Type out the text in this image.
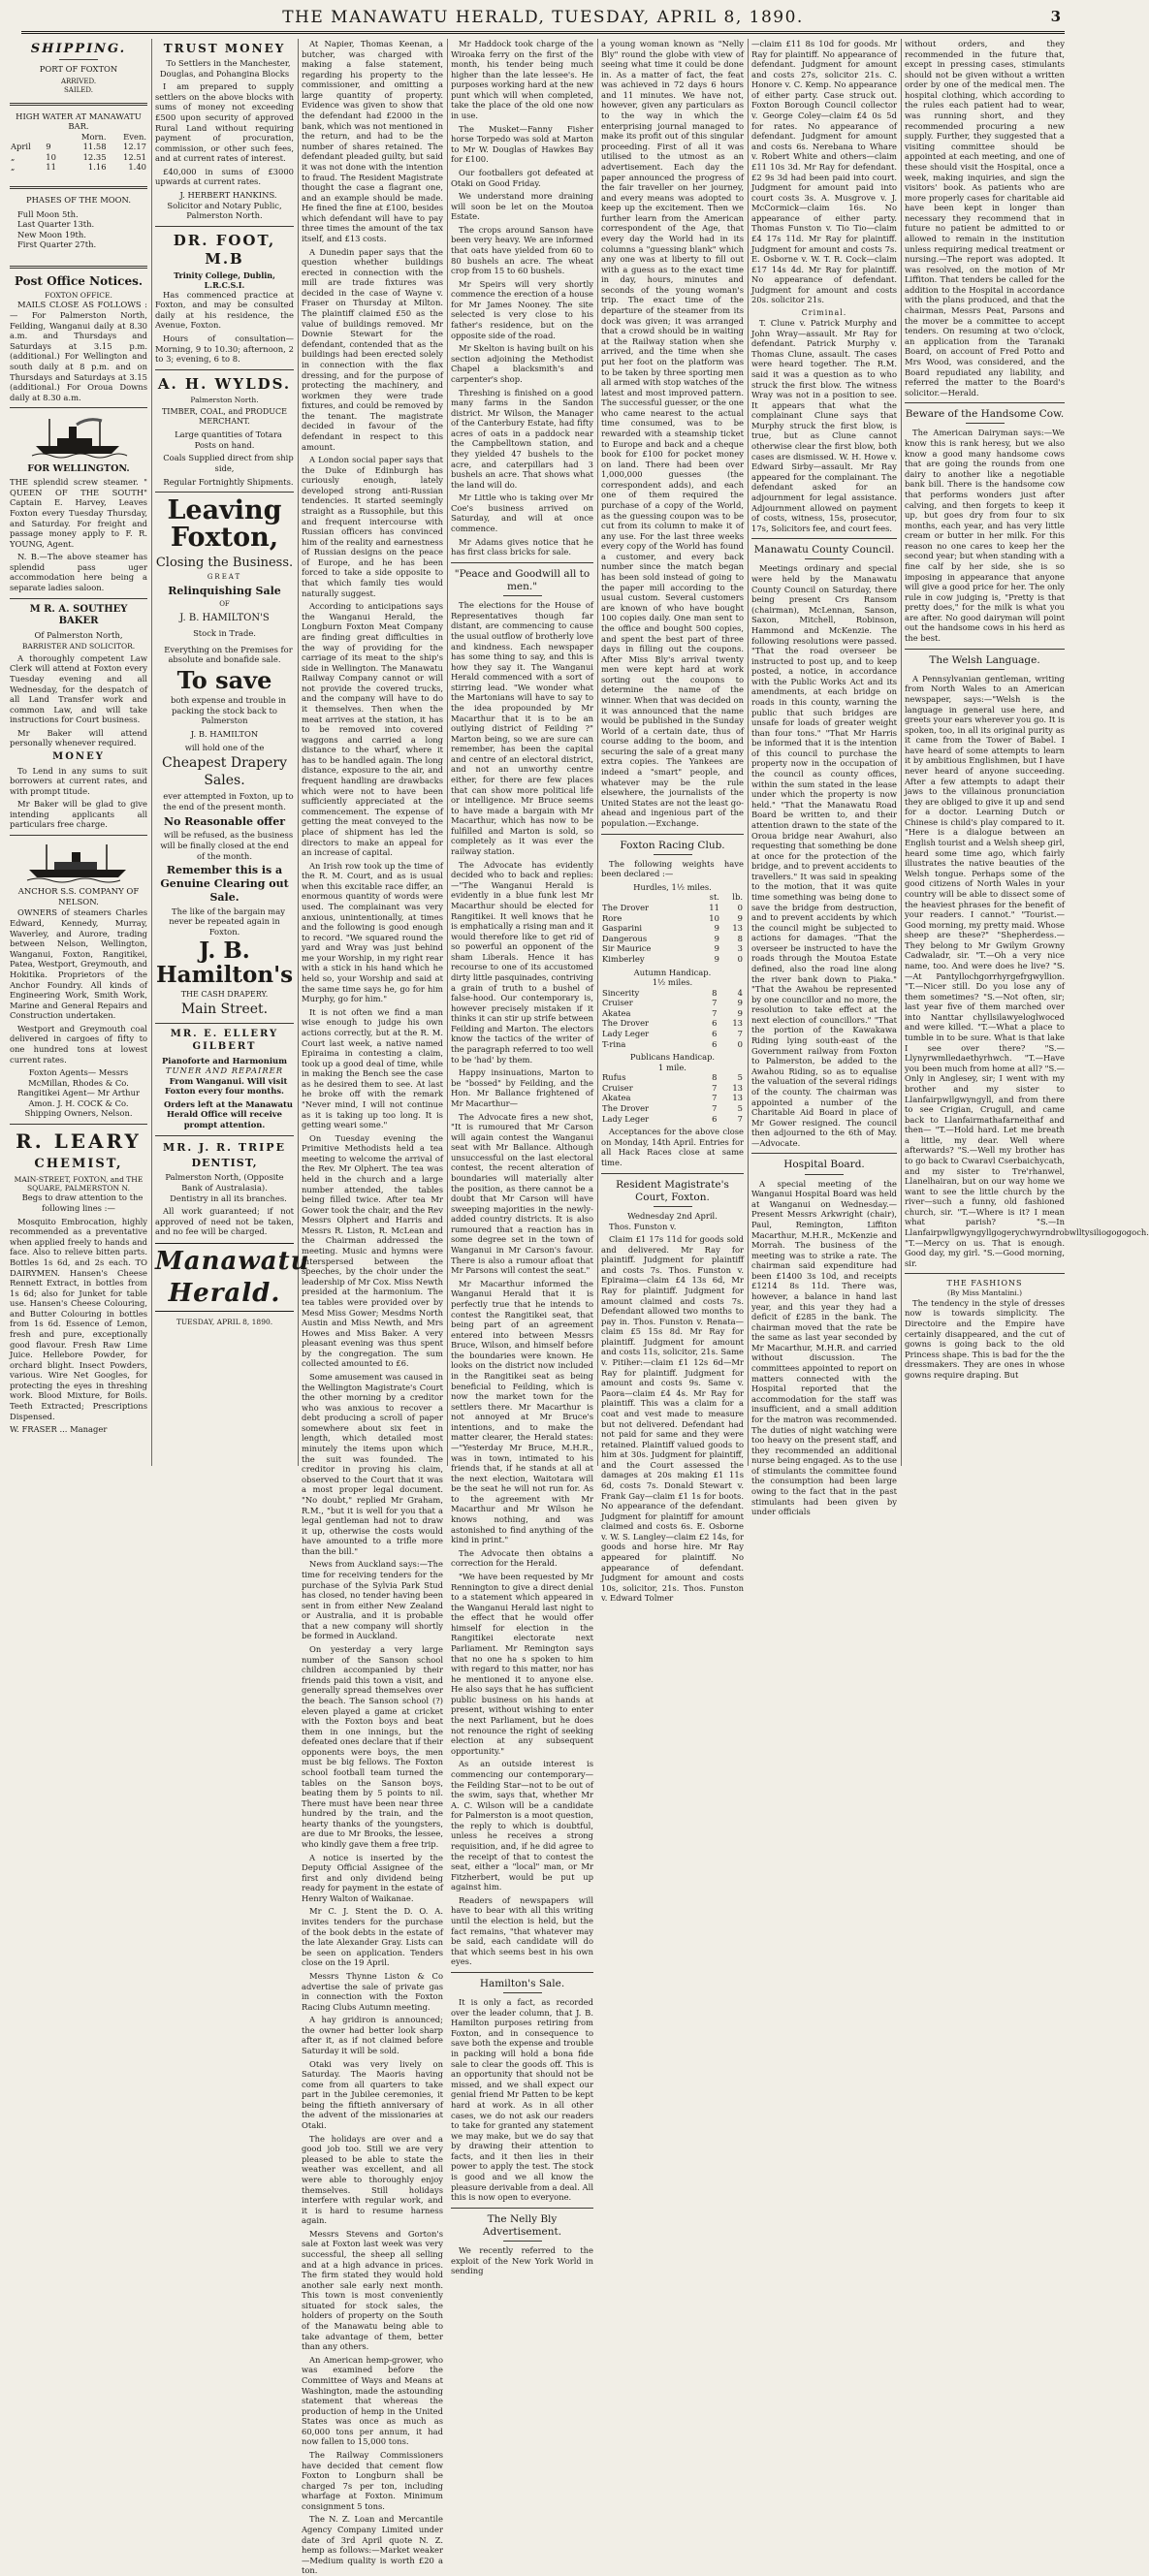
THE MANAWATU HERALD, TUESDAY, APRIL 8, 1890.	3
SHIPPING.
PORT OF FOXTON
ARRIVED.
SAILED.
HIGH WATER AT MANAWATU BAR.
		Morn.	Even.
April	9	11.58	12.17
„	10	12.35	12.51
„	11	1.16	1.40
PHASES OF THE MOON.
Full Moon 5th.
Last Quarter 13th.
New Moon 19th.
First Quarter 27th.
Post Office Notices.
FOXTON OFFICE.

MAILS CLOSE AS FOLLOWS :— For Palmerston North, Feilding, Wanganui daily at 8.30 a.m. and Thursdays and Saturdays at 3.15 p.m. (additional.) For Wellington and south daily at 8 p.m. and on Thursdays and Saturdays at 3.15 (additional.) For Oroua Downs daily at 8.30 a.m.

FOR WELLINGTON.

THE splendid screw steamer. " QUEEN OF THE SOUTH" Captain E. Harvey, Leaves Foxton every Tuesday Thursday, and Saturday. For freight and passage money apply to F. R. YOUNG, Agent.

N. B.—The above steamer has splendid pass uger accommodation here being a separate ladies saloon.

M R. A. SOUTHEY BAKER
Of Palmerston North,
BARRISTER AND SOLICITOR.

A thoroughly competent Law Clerk will attend at Foxton every Tuesday evening and all Wednesday, for the despatch of all Land Transfer work and common Law, and will take instructions for Court business.

Mr Baker will attend personally whenever required.

MONEY

To Lend in any sums to suit borrowers at current rates, and with prompt titude.

Mr Baker will be glad to give intending applicants all particulars free charge.

ANCHOR S.S. COMPANY OF NELSON.

OWNERS of steamers Charles Edward, Kennedy, Murray, Waverley, and Aurore, trading between Nelson, Wellington, Wanganui, Foxton, Rangitikei, Patea, Westport, Greymouth, and Hokitika. Proprietors of the Anchor Foundry. All kinds of Engineering Work, Smith Work, Marine and General Repairs and Construction undertaken.

Westport and Greymouth coal delivered in cargoes of fifty to one hundred tons at lowest current rates.

Foxton Agents— Messrs McMillan, Rhodes & Co. Rangitikei Agent— Mr Arthur Amon. J. H. COCK & Co. Shipping Owners, Nelson.

R. LEARY
CHEMIST,
MAIN-STREET, FOXTON, and THE SQUARE, PALMERSTON N.

Begs to draw attention to the following lines :—

Mosquito Embrocation, highly recommended as a preventative when applied freely to hands and face. Also to relieve bitten parts. Bottles 1s 6d, and 2s each. TO DAIRYMEN. Hansen's Cheese Rennett Extract, in bottles from 1s 6d; also for Junket for table use. Hansen's Cheese Colouring, and Butter Colouring in bottles from 1s 6d. Essence of Lemon, fresh and pure, exceptionally good flavour. Fresh Raw Lime Juice. Hellebore Powder, for orchard blight. Insect Powders, various. Wire Net Googles, for protecting the eyes in threshing work. Blood Mixture, for Boils. Teeth Extracted; Prescriptions Dispensed.

W. FRASER ... Manager

TRUST MONEY

To Settlers in the Manchester, Douglas, and Pohangina Blocks

I am prepared to supply settlers on the above blocks with sums of money not exceeding £500 upon security of approved Rural Land without requiring payment of procuration, commission, or other such fees, and at current rates of interest.

£40,000 in sums of £3000 upwards at current rates.

J. HERBERT HANKINS. Solicitor and Notary Public, Palmerston North.

DR. FOOT, M.B
Trinity College, Dublin, L.R.C.S.I.

Has commenced practice at Foxton, and may be consulted daily at his residence, the Avenue, Foxton.

Hours of consultation—Morning, 9 to 10.30; afternoon, 2 to 3; evening, 6 to 8.

A. H. WYLDS.
Palmerston North.
TIMBER, COAL, and PRODUCE MERCHANT.

Large quantities of Totara Posts on hand.

Coals Supplied direct from ship side,

Regular Fortnightly Shipments.

Leaving Foxton,
Closing the Business.
GREAT
Relinquishing Sale
OF
J. B. HAMILTON'S
Stock in Trade.

Everything on the Premises for absolute and bonafide sale.

To save

both expense and trouble in packing the stock back to Palmerston

J. B. HAMILTON
will hold one of the
Cheapest Drapery Sales.

ever attempted in Foxton, up to the end of the present month.

No Reasonable offer

will be refused, as the business will be finally closed at the end of the month.

Remember this is a Genuine Clearing out Sale.

The like of the bargain may never be repeated again in Foxton.

J. B. Hamilton's
THE CASH DRAPERY.
Main Street.
MR. E. ELLERY GILBERT
Pianoforte and Harmonium
TUNER AND REPAIRER

From Wanganui. Will visit Foxton every four months.

Orders left at the Manawatu Herald Office will receive prompt attention.

MR. J. R. TRIPE
DENTIST,
Palmerston North, (Opposite Bank of Australasia).

Dentistry in all its branches.

All work guaranteed; if not approved of need not be taken, and no fee will be charged.

Manawatu Herald.
TUESDAY, APRIL 8, 1890.

At Napier, Thomas Keenan, a butcher, was charged with making a false statement, regarding his property to the commissioner, and omitting a large quantity of property. Evidence was given to show that the defendant had £2000 in the bank, which was not mentioned in the return, and had to be the number of shares retained. The defendant pleaded guilty, but said it was not done with the intention to fraud. The Resident Magistrate thought the case a flagrant one, and an example should be made. He fined the fine at £100, besides which defendant will have to pay three times the amount of the tax itself, and £13 costs.

A Dunedin paper says that the question whether buildings erected in connection with the mill are trade fixtures was decided in the case of Wayne v. Fraser on Thursday at Milton. The plaintiff claimed £50 as the value of buildings removed. Mr Downie Stewart for the defendant, contended that as the buildings had been erected solely in connection with the flax dressing, and for the purpose of protecting the machinery, and workmen they were trade fixtures, and could be removed by the tenant. The magistrate decided in favour of the defendant in respect to this amount.

A London social paper says that the Duke of Edinburgh has curiously enough, lately developed strong anti-Russian tendencies. It started seemingly straight as a Russophile, but this and frequent intercourse with Russian officers has convinced him of the reality and earnestness of Russian designs on the peace of Europe, and he has been forced to take a side opposite to that which family ties would naturally suggest.

According to anticipations says the Wanganui Herald, the Longburn Foxton Meat Company are finding great difficulties in the way of providing for the carriage of its meat to the ship's side in Wellington. The Manawatu Railway Company cannot or will not provide the covered trucks, and the company will have to do it themselves. Then when the meat arrives at the station, it has to be removed into covered waggons and carried a long distance to the wharf, where it has to be handled again. The long distance, exposure to the air, and frequent handling are drawbacks which were not to have been sufficiently appreciated at the commencement. The expense of getting the meat conveyed to the place of shipment has led the directors to make an appeal for an increase of capital.

An Irish row took up the time of the R. M. Court, and as is usual when this excitable race differ, an enormous quantity of words were used. The complainant was very anxious, unintentionally, at times and the following is good enough to record. "We squared round the yard and Wray was just behind me your Worship, in my right rear with a stick in his hand which he held so, your Worship and said at the same time says he, go for him Murphy, go for him."

It is not often we find a man wise enough to judge his own actions correctly, but at the R. M. Court last week, a native named Epiraima in contesting a claim, took up a good deal of time, while in making the Bench see the case as he desired them to see. At last he broke off with the remark "Never mind, I will not continue as it is taking up too long. It is getting weari some."

On Tuesday evening the Primitive Methodists held a tea meeting to welcome the arrival of the Rev. Mr Olphert. The tea was held in the church and a large number attended, the tables being filled twice. After tea Mr Gower took the chair, and the Rev Messrs Olphert and Harris and Messrs R. Liston, R. McLean and the Chairman addressed the meeting. Music and hymns were interspersed between the speeches, by the choir under the leadership of Mr Cox. Miss Newth presided at the harmonium. The tea tables were provided over by Mesd Miss Gower; Mesdms North Austin and Miss Newth, and Mrs Howes and Miss Baker. A very pleasant evening was thus spent by the congregation. The sum collected amounted to £6.

Some amusement was caused in the Wellington Magistrate's Court the other morning by a creditor who was anxious to recover a debt producing a scroll of paper somewhere about six feet in length, which detailed most minutely the items upon which the suit was founded. The creditor in proving his claim, observed to the Court that it was a most proper legal document. "No doubt," replied Mr Graham, R.M., "but it is well for you that a legal gentleman had not to draw it up, otherwise the costs would have amounted to a trifle more than the bill."

News from Auckland says:—The time for receiving tenders for the purchase of the Sylvia Park Stud has closed, no tender having been sent in from either New Zealand or Australia, and it is probable that a new company will shortly be formed in Auckland.

On yesterday a very large number of the Sanson school children accompanied by their friends paid this town a visit, and generally spread themselves over the beach. The Sanson school (?) eleven played a game at cricket with the Foxton boys and beat them in one innings, but the defeated ones declare that if their opponents were boys, the men must be big fellows. The Foxton school football team turned the tables on the Sanson boys, beating them by 5 points to nil. There must have been near three hundred by the train, and the hearty thanks of the youngsters, are due to Mr Brooks, the lessee, who kindly gave them a free trip.

A notice is inserted by the Deputy Official Assignee of the first and only dividend being ready for payment in the estate of Henry Walton of Waikanae.

Mr C. J. Stent the D. O. A. invites tenders for the purchase of the book debts in the estate of the late Alexander Gray. Lists can be seen on application. Tenders close on the 19 April.

Messrs Thynne Liston & Co advertise the sale of private gas in connection with the Foxton Racing Clubs Autumn meeting.

A hay gridiron is announced; the owner had better look sharp after it, as if not claimed before Saturday it will be sold.

Otaki was very lively on Saturday. The Maoris having come from all quarters to take part in the Jubilee ceremonies, it being the fiftieth anniversary of the advent of the missionaries at Otaki.

The holidays are over and a good job too. Still we are very pleased to be able to state the weather was excellent, and all were able to thoroughly enjoy themselves. Still holidays interfere with regular work, and it is hard to resume harness again.

Messrs Stevens and Gorton's sale at Foxton last week was very successful, the sheep all selling and at a high advance in prices. The firm stated they would hold another sale early next month. This town is most conveniently situated for stock sales, the holders of property on the South of the Manawatu being able to take advantage of them, better than any others.

An American hemp-grower, who was examined before the Committee of Ways and Means at Washington, made the astounding statement that whereas the production of hemp in the United States was once as much as 60,000 tons per annum, it had now fallen to 15,000 tons.

The Railway Commissioners have decided that cement flow Foxton to Longburn shall be charged 7s per ton, including wharfage at Foxton. Minimum consignment 5 tons.

The N. Z. Loan and Mercantile Agency Company Limited under date of 3rd April quote N. Z. hemp as follows:—Market weaker—Medium quality is worth £20 a ton.

Mr Haddock took charge of the Wiroaka ferry on the first of the month, his tender being much higher than the late lessee's. He purposes working hard at the new punt which will when completed, take the place of the old one now in use.

The Musket—Fanny Fisher horse Torpedo was sold at Marton to Mr W. Douglas of Hawkes Bay for £100.

Our footballers got defeated at Otaki on Good Friday.

We understand more draining will soon be let on the Moutoa Estate.

The crops around Sanson have been very heavy. We are informed that oats have yielded from 60 to 80 bushels an acre. The wheat crop from 15 to 60 bushels.

Mr Speirs will very shortly commence the erection of a house for Mr James Nooney. The site selected is very close to his father's residence, but on the opposite side of the road.

Mr Skelton is having built on his section adjoining the Methodist Chapel a blacksmith's and carpenter's shop.

Threshing is finished on a good many farms in the Sandon district. Mr Wilson, the Manager of the Canterbury Estate, had fifty acres of oats in a paddock near the Campbelltown station, and they yielded 47 bushels to the acre, and caterpillars had 3 bushels an acre. That shows what the land will do.

Mr Little who is taking over Mr Coe's business arrived on Saturday, and will at once commence.

Mr Adams gives notice that he has first class bricks for sale.

"Peace and Goodwill all to men."

The elections for the House of Representatives though far distant, are commencing to cause the usual outflow of brotherly love and kindness. Each newspaper has some thing to say, and this is how they say it. The Wanganui Herald commenced with a sort of stirring lead. "We wonder what the Martonians will have to say to the idea propounded by Mr Macarthur that it is to be an outlying district of Feilding ?" Marton being, so we are sure can remember, has been the capital and centre of an electoral district, and not an unworthy centre either, for there are few places that can show more political life or intelligence. Mr Bruce seems to have made a bargain with Mr Macarthur, which has now to be fulfilled and Marton is sold, so completely as it was ever the railway station.

The Advocate has evidently decided who to back and replies:—"The Wanganui Herald is evidently in a blue funk lest Mr Macarthur should be elected for Rangitikei. It well knows that he is emphatically a rising man and it would therefore like to get rid of so powerful an opponent of the sham Liberals. Hence it has recourse to one of its accustomed dirty little pasquinades, contriving a grain of truth to a bushel of false-hood. Our contemporary is, however precisely mistaken if it thinks it can stir up strife between Feilding and Marton. The electors know the tactics of the writer of the paragraph referred to too well to be 'had' by them.

Happy insinuations, Marton to be "bossed" by Feilding, and the Hon. Mr Ballance frightened of Mr Macarthur—

The Advocate fires a new shot, "It is rumoured that Mr Carson will again contest the Wanganui seat with Mr Ballance. Although unsuccessful on the last electoral contest, the recent alteration of boundaries will materially alter the position, as there cannot be a doubt that Mr Carson will have sweeping majorities in the newly-added country districts. It is also rumoured that a reaction has in some degree set in the town of Wanganui in Mr Carson's favour. There is also a rumour afloat that Mr Parsons will contest the seat."

Mr Macarthur informed the Wanganui Herald that it is perfectly true that he intends to contest the Rangitikei seat, that being part of an agreement entered into between Messrs Bruce, Wilson, and himself before the boundaries were known. He looks on the district now included in the Rangitikei seat as being beneficial to Feilding, which is now the market town for the settlers there. Mr Macarthur is not annoyed at Mr Bruce's intentions, and to make the matter clearer, the Herald states:—"Yesterday Mr Bruce, M.H.R., was in town, intimated to his friends that, if he stands at all at the next election, Waitotara will be the seat he will not run for. As to the agreement with Mr Macarthur and Mr Wilson he knows nothing, and was astonished to find anything of the kind in print."

The Advocate then obtains a correction for the Herald.

"We have been requested by Mr Rennington to give a direct denial to a statement which appeared in the Wanganui Herald last night to the effect that he would offer himself for election in the Rangitikei electorate next Parliament. Mr Remington says that no one ha s spoken to him with regard to this matter, nor has he mentioned it to anyone else. He also says that he has sufficient public business on his hands at present, without wishing to enter the next Parliament, but he does not renounce the right of seeking election at any subsequent opportunity."

As an outside interest is commencing our contemporary—the Feilding Star—not to be out of the swim, says that, whether Mr A. C. Wilson will be a candidate for Palmerston is a moot question, the reply to which is doubtful, unless he receives a strong requisition, and, if he did agree to the receipt of that to contest the seat, either a "local" man, or Mr Fitzherbert, would be put up against him.

Readers of newspapers will have to bear with all this writing until the election is held, but the fact remains, "that whatever may be said, each candidate will do that which seems best in his own eyes.

Hamilton's Sale.

It is only a fact, as recorded over the leader column, that J. B. Hamilton purposes retiring from Foxton, and in consequence to save both the expense and trouble in packing will hold a bona fide sale to clear the goods off. This is an opportunity that should not be missed, and we shall expect our genial friend Mr Patten to be kept hard at work. As in all other cases, we do not ask our readers to take for granted any statement we may make, but we do say that by drawing their attention to facts, and it then lies in their power to apply the test. The stock is good and we all know the pleasure derivable from a deal. All this is now open to everyone.

The Nelly Bly Advertisement.

We recently referred to the exploit of the New York World in sending

a young woman known as "Nelly Bly" round the globe with view of seeing what time it could be done in. As a matter of fact, the feat was achieved in 72 days 6 hours and 11 minutes. We have not, however, given any particulars as to the way in which the enterprising journal managed to make its profit out of this singular proceeding. First of all it was utilised to the utmost as an advertisement. Each day the paper announced the progress of the fair traveller on her journey, and every means was adopted to keep up the excitement. Then we further learn from the American correspondent of the Age, that every day the World had in its columns a "guessing blank" which any one was at liberty to fill out with a guess as to the exact time in day, hours, minutes and seconds of the young woman's trip. The exact time of the departure of the steamer from its dock was given; it was arranged that a crowd should be in waiting at the Railway station when she arrived, and the time when she put her foot on the platform was to be taken by three sporting men all armed with stop watches of the latest and most improved pattern. The successful guesser, or the one who came nearest to the actual time consumed, was to be rewarded with a steamship ticket to Europe and back and a cheque book for £100 for pocket money on land. There had been over 1,000,000 guesses (the correspondent adds), and each one of them required the purchase of a copy of the World, as the guessing coupon was to be cut from its column to make it of any use. For the last three weeks every copy of the World has found a customer, and every back number since the match began has been sold instead of going to the paper mill according to the usual custom. Several customers are known of who have bought 100 copies daily. One man sent to the office and bought 500 copies, and spent the best part of three days in filling out the coupons. After Miss Bly's arrival twenty men were kept hard at work sorting out the coupons to determine the name of the winner. When that was decided on it was announced that the name would be published in the Sunday World of a certain date, thus of course adding to the boom, and securing the sale of a great many extra copies. The Yankees are indeed a "smart" people, and whatever may be the rule elsewhere, the journalists of the United States are not the least go-ahead and ingenious part of the population.—Exchange.

Foxton Racing Club.

The following weights have been declared :—

Hurdles, 1½ miles.
	st.	lb.
The Drover	11	0
Rore	10	9
Gasparini	9	13
Dangerous	9	8
Sir Maurice	9	3
Kimberley	9	0
Autumn Handicap.
1½ miles.
Sincerity	8	4
Cruiser	7	9
Akatea	7	9
The Drover	6	13
Lady Leger	6	7
T-rina	6	0
Publicans Handicap.
1 mile.
Rufus	8	5
Cruiser	7	13
Akatea	7	13
The Drover	7	5
Lady Leger	6	7

Acceptances for the above close on Monday, 14th April. Entries for all Hack Races close at same time.

Resident Magistrate's Court, Foxton.
Wednesday 2nd April.

Thos. Funston v.

Claim £1 17s 11d for goods sold and delivered. Mr Ray for plaintiff. Judgment for plaintiff and costs 7s. Thos. Funston v. Epiraima—claim £4 13s 6d, Mr Ray for plaintiff. Judgment for amount claimed and costs 7s. Defendant allowed two months to pay in. Thos. Funston v. Renata—claim £5 15s 8d. Mr Ray for plaintiff. Judgment for amount and costs 11s, solicitor, 21s. Same v. Pitiher:—claim £1 12s 6d—Mr Ray for plaintiff. Judgment for amount and costs 9s. Same v. Paora—claim £4 4s. Mr Ray for plaintiff. This was a claim for a coat and vest made to measure but not delivered. Defendant had not paid for same and they were retained. Plaintiff valued goods to him at 30s. Judgment for plaintiff, and the Court assessed the damages at 20s making £1 11s 6d, costs 7s. Donald Stewart v. Frank Gay—claim £1 1s for boots. No appearance of the defendant. Judgment for plaintiff for amount claimed and costs 6s. E. Osborne v. W. S. Langley—claim £2 14s, for goods and horse hire. Mr Ray appeared for plaintiff. No appearance of defendant. Judgment for amount and costs 10s, solicitor, 21s. Thos. Funston v. Edward Tolmer

—claim £11 8s 10d for goods. Mr Ray for plaintiff. No appearance of defendant. Judgment for amount and costs 27s, solicitor 21s. C. Honore v. C. Kemp. No appearance of either party. Case struck out. Foxton Borough Council collector v. George Coley—claim £4 0s 5d for rates. No appearance of defendant. Judgment for amount and costs 6s. Nerebana to Whare v. Robert White and others—claim £11 10s 3d. Mr Ray for defendant. £2 9s 3d had been paid into court. Judgment for amount paid into court costs 3s. A. Musgrove v. J. McCormick—claim 16s. No appearance of either party. Thomas Funston v. Tio Tio—claim £4 17s 11d. Mr Ray for plaintiff. Judgment for amount and costs 7s. E. Osborne v. W. T. R. Cock—claim £17 14s 4d. Mr Ray for plaintiff. No appearance of defendant. Judgment for amount and costs 20s. solicitor 21s.

Criminal.

T. Clune v. Patrick Murphy and John Wray—assault. Mr Ray for defendant. Patrick Murphy v. Thomas Clune, assault. The cases were heard together. The R.M. said it was a question as to who struck the first blow. The witness Wray was not in a position to see. It appears that what the complainant Clune says that Murphy struck the first blow, is true, but as Clune cannot otherwise clear the first blow, both cases are dismissed. W. H. Howe v. Edward Sirby—assault. Mr Ray appeared for the complainant. The defendant asked for an adjournment for legal assistance. Adjournment allowed on payment of costs, witness, 15s, prosecutor, 17s, Solicitors fee, and court fees.

Manawatu County Council.

Meetings ordinary and special were held by the Manawatu County Council on Saturday, there being present Crs Ransom (chairman), McLennan, Sanson, Saxon, Mitchell, Robinson, Hammond and McKenzie. The following resolutions were passed. "That the road overseer be instructed to post up, and to keep posted, a notice, in accordance with the Public Works Act and its amendments, at each bridge on roads in this county, warning the public that such bridges are unsafe for loads of greater weight than four tons." "That Mr Harris be informed that it is the intention of this council to purchase the property now in the occupation of the council as county offices, within the sum stated in the lease under which the property is now held." "That the Manawatu Road Board be written to, and their attention drawn to the state of the Oroua bridge near Awahuri, also requesting that something be done at once for the protection of the bridge, and to prevent accidents to travellers." It was said in speaking to the motion, that it was quite time something was being done to save the bridge from destruction, and to prevent accidents by which the council might be subjected to actions for damages. "That the overseer be instructed to have the roads through the Moutoa Estate defined, also the road line along the river bank down to Piaka." "That the Awahou be represented by one councillor and no more, the resolution to take effect at the next election of councillors." "That the portion of the Kawakawa Riding lying south-east of the Government railway from Foxton to Palmerston, be added to the Awahou Riding, so as to equalise the valuation of the several ridings of the county. The chairman was appointed a number of the Charitable Aid Board in place of Mr Gower resigned. The council then adjourned to the 6th of May.—Advocate.

Hospital Board.

A special meeting of the Wanganui Hospital Board was held at Wanganui on Wednesday.—Present Messrs Arkwright (chair), Paul, Remington, Liffiton Macarthur, M.H.R., McKenzie and Morrah. The business of the meeting was to strike a rate. The chairman said expenditure had been £1400 3s 10d, and receipts £1214 8s 11d. There was, however, a balance in hand last year, and this year they had a deficit of £285 in the bank. The chairman moved that the rate be the same as last year seconded by Mr Macarthur, M.H.R. and carried without discussion. The committees appointed to report on matters connected with the Hospital reported that the accommodation for the staff was insufficient, and a small addition for the matron was recommended. The duties of night watching were too heavy on the present staff, and they recommended an additional nurse being engaged. As to the use of stimulants the committee found the consumption had been large owing to the fact that in the past stimulants had been given by under officials

without orders, and they recommended in the future that, except in pressing cases, stimulants should not be given without a written order by one of the medical men. The hospital clothing, which according to the rules each patient had to wear, was running short, and they recommended procuring a new supply. Further, they suggested that a visiting committee should be appointed at each meeting, and one of these should visit the Hospital, once a week, making inquiries, and sign the visitors' book. As patients who are more properly cases for charitable aid have been kept in longer than necessary they recommend that in future no patient be admitted to or allowed to remain in the institution unless requiring medical treatment or nursing.—The report was adopted. It was resolved, on the motion of Mr Liffiton. That tenders be called for the addition to the Hospital in accordance with the plans produced, and that the chairman, Messrs Peat, Parsons and the mover be a committee to accept tenders. On resuming at two o'clock, an application from the Taranaki Board, on account of Fred Potto and Mrs Wood, was considered, and the Board repudiated any liability, and referred the matter to the Board's solicitor.—Herald.

Beware of the Handsome Cow.

The American Dairyman says:—We know this is rank heresy, but we also know a good many handsome cows that are going the rounds from one dairy to another like a negotiable bank bill. There is the handsome cow that performs wonders just after calving, and then forgets to keep it up, but goes dry from four to six months, each year, and has very little cream or butter in her milk. For this reason no one cares to keep her the second year; but when standing with a fine calf by her side, she is so imposing in appearance that anyone will give a good price for her. The only rule in cow judging is, "Pretty is that pretty does," for the milk is what you are after. No good dairyman will point out the handsome cows in his herd as the best.

The Welsh Language.

A Pennsylvanian gentleman, writing from North Wales to an American newspaper, says:—"Welsh is the language in general use here, and greets your ears wherever you go. It is spoken, too, in all its original purity as it came from the Tower of Babel. I have heard of some attempts to learn it by ambitious Englishmen, but I have never heard of anyone succeeding. After a few attempts to adapt their jaws to the villainous pronunciation they are obliged to give it up and send for a doctor. Learning Dutch or Chinese is child's play compared to it. "Here is a dialogue between an English tourist and a Welsh sheep girl, heard some time ago, which fairly illustrates the native beauties of the Welsh tongue. Perhaps some of the good citizens of North Wales in your country will be able to dissect some of the heaviest phrases for the benefit of your readers. I cannot." "Tourist.—Good morning, my pretty maid. Whose sheep are these?" "Shepherdess.—They belong to Mr Gwilym Growny Cadwaladr, sir. "T.—Oh a very nice name, too. And were does he live? "S.—At Pantyllochgorrhyrgefrgwyllion. "T.—Nicer still. Do you lose any of them sometimes? "S.—Not often, sir; last year five of them marched over into Nanttar chyllsilawyeloglwoced and were killed. "T.—What a place to tumble in to be sure. What is that lake I see over there? "S.—Llynyrwmlledaethyrhwch. "T.—Have you been much from home at all? "S.—Only in Anglesey, sir; I went with my brother and my sister to Llanfairpwllgwyngyll, and from there to see Crigian, Crugull, and came back to Llanfairmathafarneithaf and then— "T.—Hold hard. Let me breath a little, my dear. Well where afterwards? "S.—Well my brother has to go back to Cwaravl Cserbaichycath, and my sister to Tre'rhanwel, Llanelhairan, but on our way home we want to see the little church by the river—such a funny, old fashioned church, sir. "T.—Where is it? I mean what parish? "S.—In Llanfairpwllgwyngyllgogerychwyrndrobwlltysiliogogogoch. "T.—Mercy on us. That is enough. Good day, my girl. "S.—Good morning, sir.

THE FASHIONS
(By Miss Mantalini.)

The tendency in the style of dresses now is towards simplicity. The Directoire and the Empire have certainly disappeared, and the cut of gowns is going back to the old Princess shape. This is bad for the the dressmakers. They are ones in whose gowns require draping. But
